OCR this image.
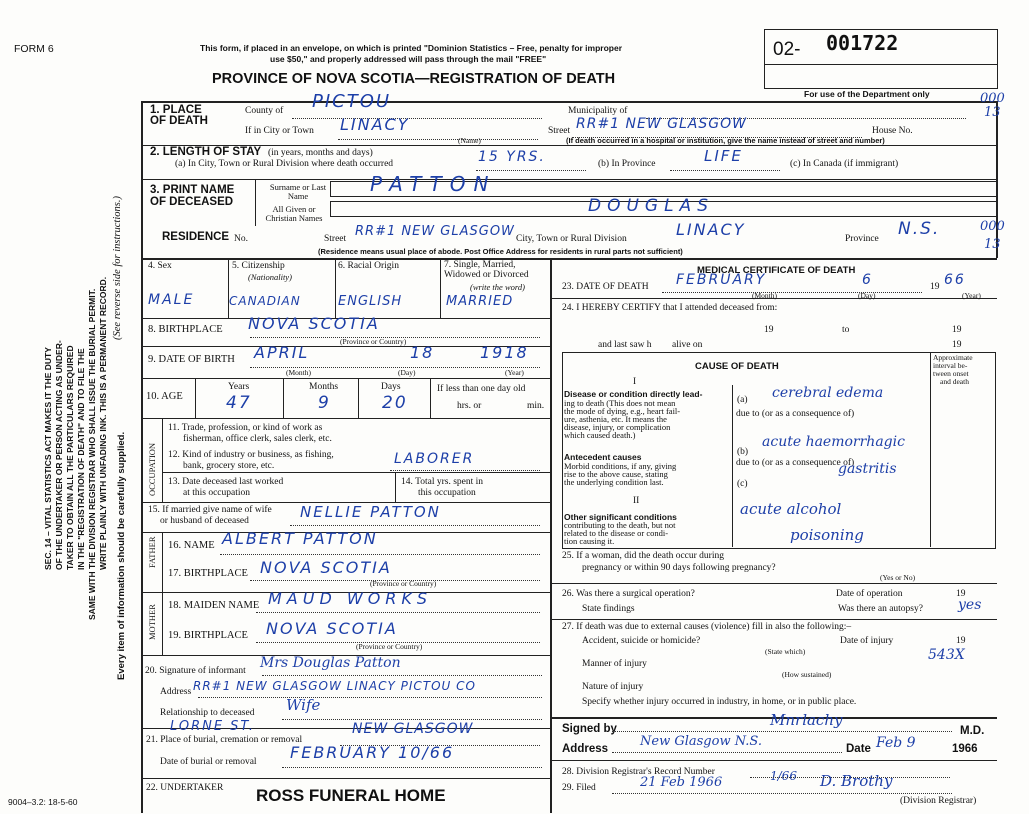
SEC. 14 – VITAL STATISTICS ACT MAKES IT THE DUTY OF THE UNDERTAKER OR PERSON ACTING AS UNDER- TAKER TO OBTAIN ALL THE PARTICULARS REQUIRED IN THE "REGISTRATION OF DEATH" AND TO FILE THE SAME WITH THE DIVISION REGISTRAR WHO SHALL ISSUE THE BURIAL PERMIT. WRITE PLAINLY WITH UNFADING INK. THIS IS A PERMANENT RECORD.
(See reverse side for instructions.)
Every item of information should be carefully supplied.
FORM 6	This form, if placed in an envelope, on which is printed "Dominion Statistics – Free, penalty for improper
use $50," and properly addressed will pass through the mail "FREE"
PROVINCE OF NOVA SCOTIA—REGISTRATION OF DEATH
02- 001722
For use of the Department only	000
13
000
13
1. PLACE OF DEATH
County of PICTOU	Municipality of
If in City or Town LINACY
(Name)
Street RR#1 NEW GLASGOW	House No.
(If death occurred in a hospital or institution, give the name instead of street and number)
2. LENGTH OF STAY (in years, months and days)
(a) In City, Town or Rural Division where death occurred	15 YRS.	(b) In Province	LIFE	(c) In Canada (if immigrant)
3. PRINT NAME OF DECEASED
Surname or Last Name	PATTON
All Given or Christian Names
DOUGLAS
RESIDENCE No.	Street RR#1 NEW GLASGOW City, Town or Rural Division	LINACY	Province N.S.
(Residence means usual place of abode. Post Office Address for residents in rural parts not sufficient)
4. Sex
MALE
5. Citizenship
(Nationality)
CANADIAN
6. Racial Origin
ENGLISH
7. Single, Married, Widowed or Divorced
(write the word)
MARRIED
8. BIRTHPLACE NOVA SCOTIA
(Province or Country)
9. DATE OF BIRTH APRIL	18	1918
(Month)	(Day)	(Year)
10. AGE
Years
47
Months
9
Days
20
If less than one day old
hrs. or	min.
OCCUPATION
11. Trade, profession, or kind of work as
fisherman, office clerk, sales clerk, etc.
12. Kind of industry or business, as fishing,
bank, grocery store, etc.	LABORER
13. Date deceased last worked
at this occupation
14. Total yrs. spent in
this occupation
15. If married give name of wife
or husband of deceased	NELLIE PATTON
FATHER 16. NAME ALBERT PATTON
17. BIRTHPLACE NOVA SCOTIA
(Province or Country)
MOTHER 18. MAIDEN NAME MAUD WORKS
19. BIRTHPLACE NOVA SCOTIA
(Province or Country)
20. Signature of informant Mrs Douglas Patton
Address RR#1 NEW GLASGOW LINACY PICTOU CO
Relationship to deceased Wife
LORNE ST.
21. Place of burial, cremation or removal
NEW GLASGOW
Date of burial or removal FEBRUARY 10/66
22. UNDERTAKER ROSS FUNERAL HOME
9004–3.2: 18-5-60
MEDICAL CERTIFICATE OF DEATH
23. DATE OF DEATH FEBRUARY	6	19 66
(Month)	(Day)	(Year)
24. I HEREBY CERTIFY that I attended deceased from:
to
19	19
and last saw h alive on	19
CAUSE OF DEATH
Approximate
interval be-
tween onset
and death
I
Disease or condition directly lead-
ing to death (This does not mean
the mode of dying, e.g., heart fail-
ure, asthenia, etc. It means the
disease, injury, or complication
which caused death.)
(a) cerebral edema
due to (or as a consequence of)
Antecedent causes
Morbid conditions, if any, giving
rise to the above cause, stating
the underlying condition last.
(b)
acute haemorrhagic
due to (or as a consequence of)
gastritis
(c)
II
Other significant conditions
contributing to the death, but not
related to the disease or condi-
tion causing it.
acute alcohol
poisoning
25. If a woman, did the death occur during
pregnancy or within 90 days following pregnancy?
(Yes or No)
26. Was there a surgical operation?	Date of operation	19
State findings	Was there an autopsy?	yes
27. If death was due to external causes (violence) fill in also the following:–
Accident, suicide or homicide?	Date of injury	19
(State which)
Manner of injury
543X
(How sustained)
Nature of injury
Specify whether injury occurred in industry, in home, or in public place.
Signed by	Mnrlachy
M.D.
Address New Glasgow N.S.	Date Feb 9	1966
28. Division Registrar's Record Number	1/66
29. Filed	21 Feb 1966	D. Brothy
(Division Registrar)
